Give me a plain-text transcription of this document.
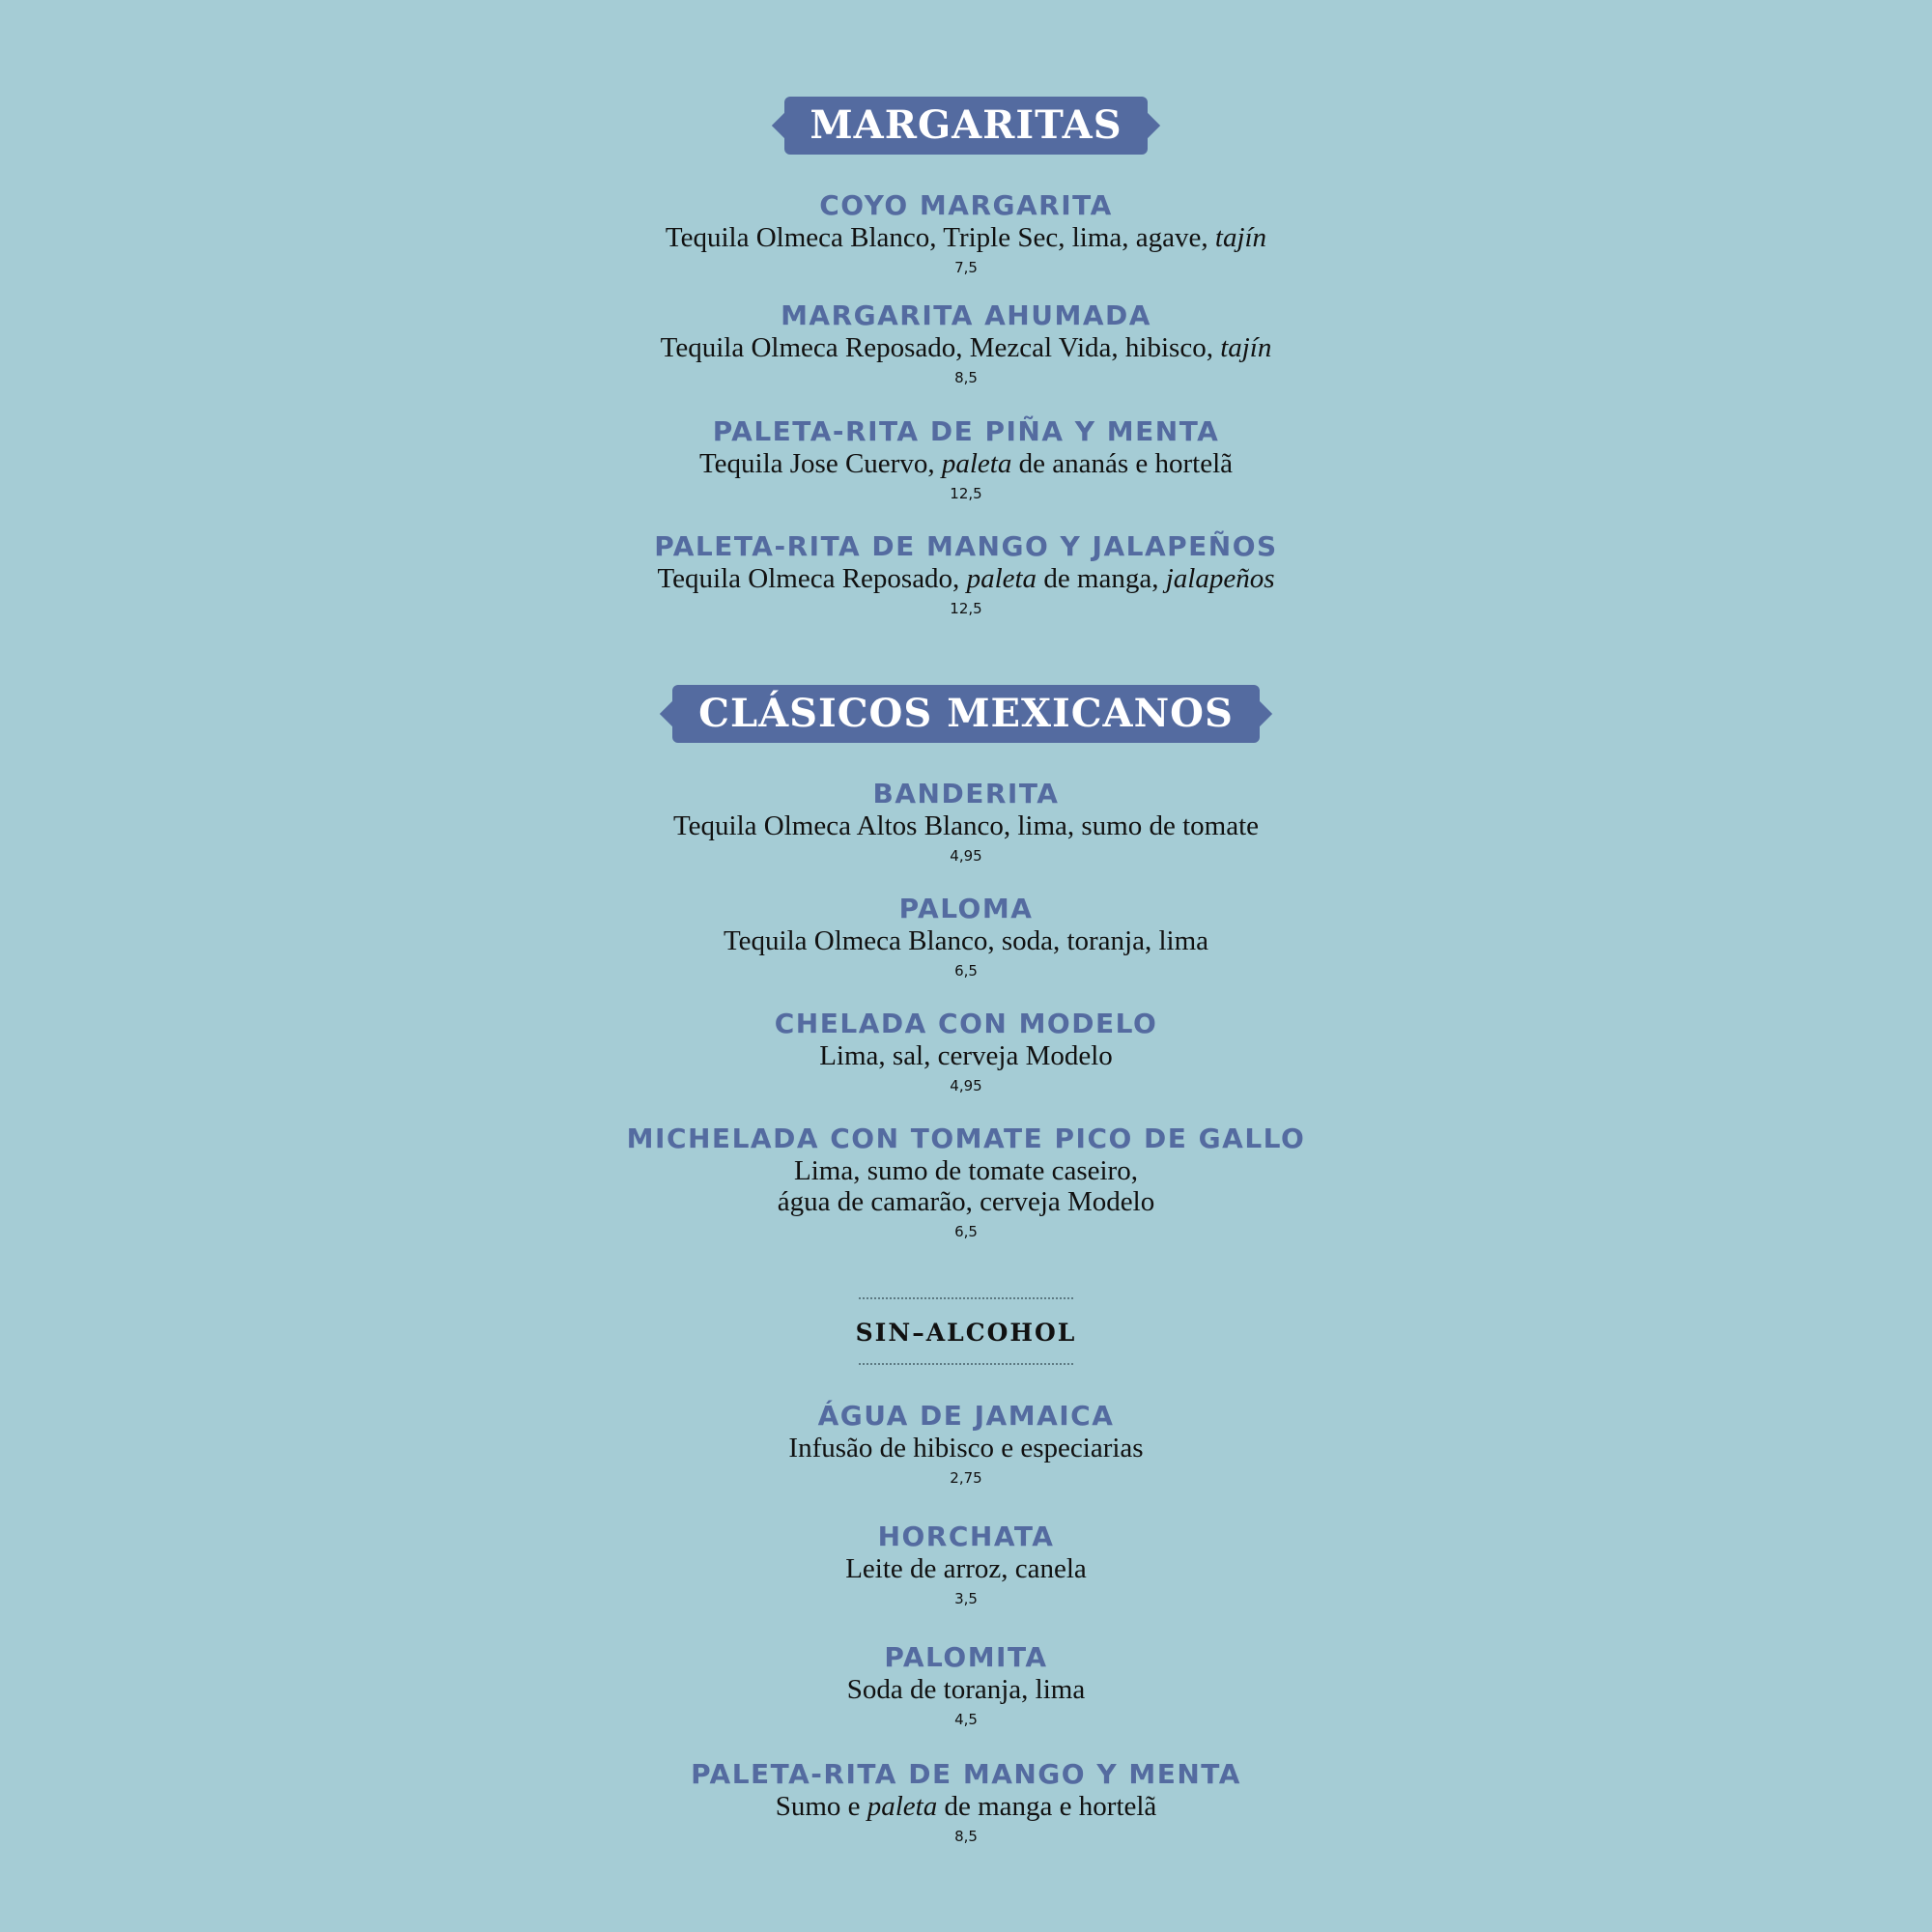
MARGARITAS
COYO MARGARITA
Tequila Olmeca Blanco, Triple Sec, lima, agave, tajín
7,5
MARGARITA AHUMADA
Tequila Olmeca Reposado, Mezcal Vida, hibisco, tajín
8,5
PALETA-RITA DE PIÑA Y MENTA
Tequila Jose Cuervo, paleta de ananás e hortelã
12,5
PALETA-RITA DE MANGO Y JALAPEÑOS
Tequila Olmeca Reposado, paleta de manga, jalapeños
12,5
CLÁSICOS MEXICANOS
BANDERITA
Tequila Olmeca Altos Blanco, lima, sumo de tomate
4,95
PALOMA
Tequila Olmeca Blanco, soda, toranja, lima
6,5
CHELADA CON MODELO
Lima, sal, cerveja Modelo
4,95
MICHELADA CON TOMATE PICO DE GALLO
Lima, sumo de tomate caseiro,
água de camarão, cerveja Modelo
6,5
SIN–ALCOHOL
ÁGUA DE JAMAICA
Infusão de hibisco e especiarias
2,75
HORCHATA
Leite de arroz, canela
3,5
PALOMITA
Soda de toranja, lima
4,5
PALETA-RITA DE MANGO Y MENTA
Sumo e paleta de manga e hortelã
8,5
